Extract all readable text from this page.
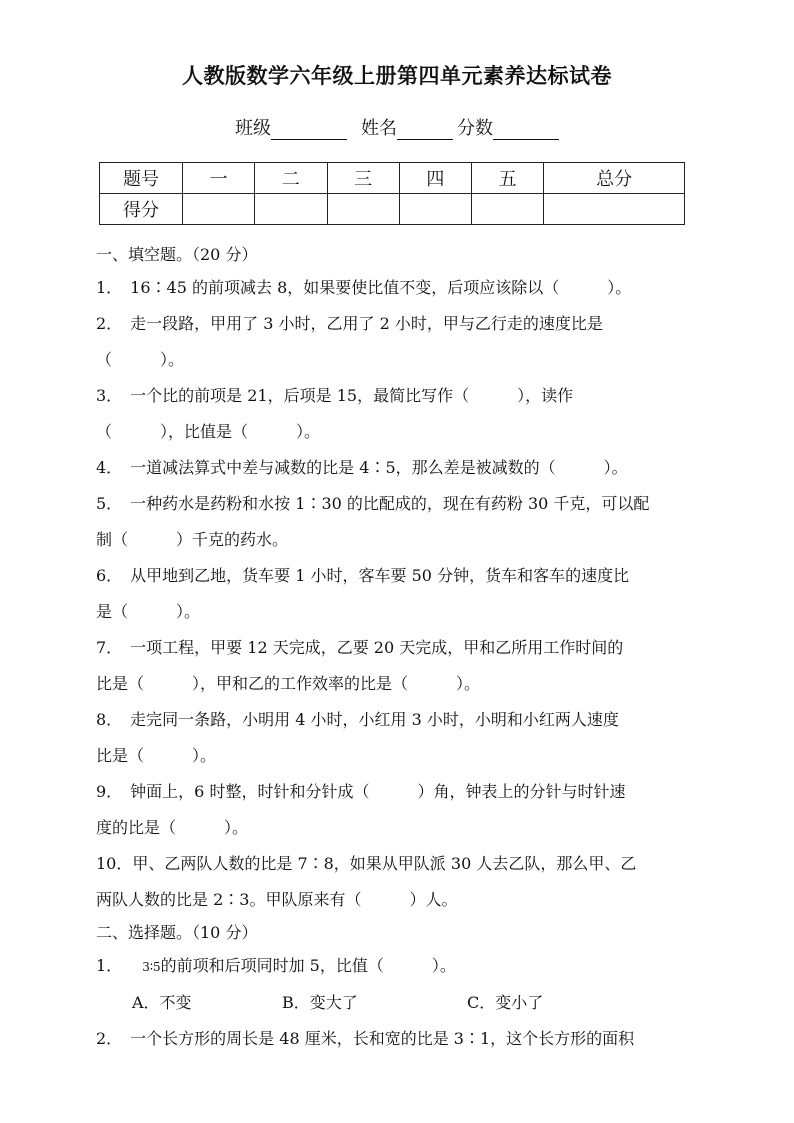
人教版数学六年级上册第四单元素养达标试卷
班级	姓名	分数
题号	一	二	三	四	五	总分
得分						
一、填空题。（20 分）
1．　16∶45 的前项减去 8，如果要使比值不变，后项应该除以（　　　）。
2．　走一段路，甲用了 3 小时，乙用了 2 小时，甲与乙行走的速度比是
（　　　）。
3．　一个比的前项是 21，后项是 15，最简比写作（　　　），读作
（　　　），比值是（　　　）。
4．　一道减法算式中差与减数的比是 4∶5，那么差是被减数的（　　　）。
5．　一种药水是药粉和水按 1∶30 的比配成的，现在有药粉 30 千克，可以配
制（　　　）千克的药水。
6．　从甲地到乙地，货车要 1 小时，客车要 50 分钟，货车和客车的速度比
是（　　　）。
7．　一项工程，甲要 12 天完成，乙要 20 天完成，甲和乙所用工作时间的
比是（　　　），甲和乙的工作效率的比是（　　　）。
8．　走完同一条路，小明用 4 小时，小红用 3 小时，小明和小红两人速度
比是（　　　）。
9．　钟面上，6 时整，时针和分针成（　　　）角，钟表上的分针与时针速
度的比是（　　　）。
10．甲、乙两队人数的比是 7∶8，如果从甲队派 30 人去乙队，那么甲、乙
两队人数的比是 2∶3。甲队原来有（　　　）人。
二、选择题。（10 分）
1． 3∶5的前项和后项同时加 5，比值（　　　）。
A．不变	B．变大了	C．变小了
2．　一个长方形的周长是 48 厘米，长和宽的比是 3∶1，这个长方形的面积
